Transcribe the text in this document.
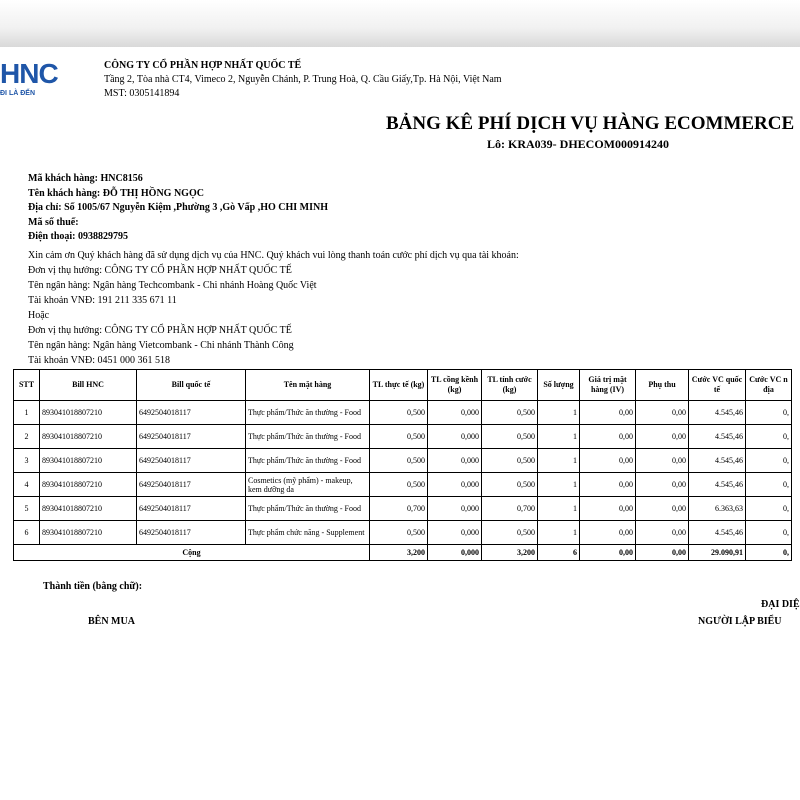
HNC
ĐI LÀ ĐẾN
CÔNG TY CỔ PHẦN HỢP NHẤT QUỐC TẾ
Tầng 2, Tòa nhà CT4, Vimeco 2, Nguyễn Chánh, P. Trung Hoà, Q. Cầu Giấy,Tp. Hà Nội, Việt Nam
MST: 0305141894
BẢNG KÊ PHÍ DỊCH VỤ HÀNG ECOMMERCE
Lô: KRA039- DHECOM000914240
Mã khách hàng: HNC8156
Tên khách hàng: ĐỖ THỊ HỒNG NGỌC
Địa chỉ: Số 1005/67 Nguyễn Kiệm ,Phường 3 ,Gò Vấp ,HO CHI MINH
Mã số thuế:
Điện thoại: 0938829795
Xin cảm ơn Quý khách hàng đã sử dụng dịch vụ của HNC. Quý khách vui lòng thanh toán cước phí dịch vụ qua tài khoản:
Đơn vị thụ hưởng: CÔNG TY CỔ PHẦN HỢP NHẤT QUỐC TẾ
Tên ngân hàng: Ngân hàng Techcombank - Chi nhánh Hoàng Quốc Việt
Tài khoản VNĐ: 191 211 335 671 11
Hoặc
Đơn vị thụ hưởng: CÔNG TY CỔ PHẦN HỢP NHẤT QUỐC TẾ
Tên ngân hàng: Ngân hàng Vietcombank - Chi nhánh Thành Công
Tài khoản VNĐ: 0451 000 361 518
STT	Bill HNC	Bill quốc tế	Tên mặt hàng	TL thực tế (kg)	TL cồng kềnh (kg)	TL tính cước (kg)	Số lượng	Giá trị mặt hàng (IV)	Phụ thu	Cước VC quốc tế	Cước VC n địa
1	893041018807210	6492504018117	Thực phẩm/Thức ăn thường - Food	0,500	0,000	0,500	1	0,00	0,00	4.545,46	0,
2	893041018807210	6492504018117	Thực phẩm/Thức ăn thường - Food	0,500	0,000	0,500	1	0,00	0,00	4.545,46	0,
3	893041018807210	6492504018117	Thực phẩm/Thức ăn thường - Food	0,500	0,000	0,500	1	0,00	0,00	4.545,46	0,
4	893041018807210	6492504018117	Cosmetics (mỹ phẩm) - makeup, kem dưỡng da	0,500	0,000	0,500	1	0,00	0,00	4.545,46	0,
5	893041018807210	6492504018117	Thực phẩm/Thức ăn thường - Food	0,700	0,000	0,700	1	0,00	0,00	6.363,63	0,
6	893041018807210	6492504018117	Thực phẩm chức năng - Supplement	0,500	0,000	0,500	1	0,00	0,00	4.545,46	0,
Cộng				3,200	0,000	3,200	6	0,00	0,00	29.090,91	0,
Thành tiền (bằng chữ):
ĐẠI DIỆ
BÊN MUA	NGƯỜI LẬP BIỂU
